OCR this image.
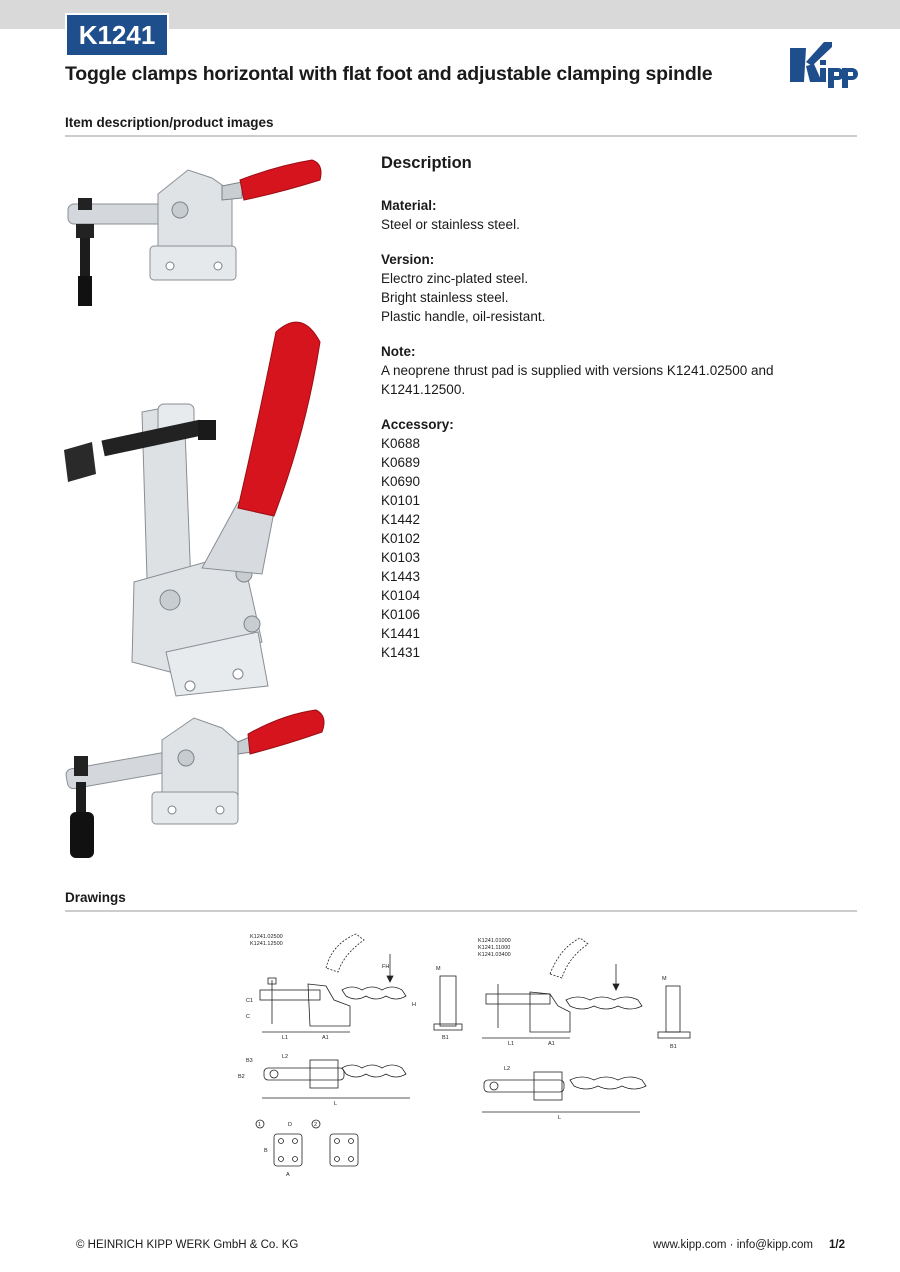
K1241
Toggle clamps horizontal with flat foot and adjustable clamping spindle
Item description/product images
Description
Material:
Steel or stainless steel.
Version:
Electro zinc-plated steel.
Bright stainless steel.
Plastic handle, oil-resistant.
Note:
A neoprene thrust pad is supplied with versions K1241.02500 and K1241.12500.
Accessory:
K0688
K0689
K0690
K0101
K1442
K0102
K0103
K1443
K0104
K0106
K1441
K1431
Drawings
K1241.02500
K1241.12500
FH
L1	A1
C1
C
H
M
B1
L2
L
B2
B3
1	D
A
B
2
K1241.01000
K1241.11000
K1241.03400
L1	A1
M
B1
L2
L
© HEINRICH KIPP WERK GmbH & Co. KG	www.kipp.com · info@kipp.com 1/2
